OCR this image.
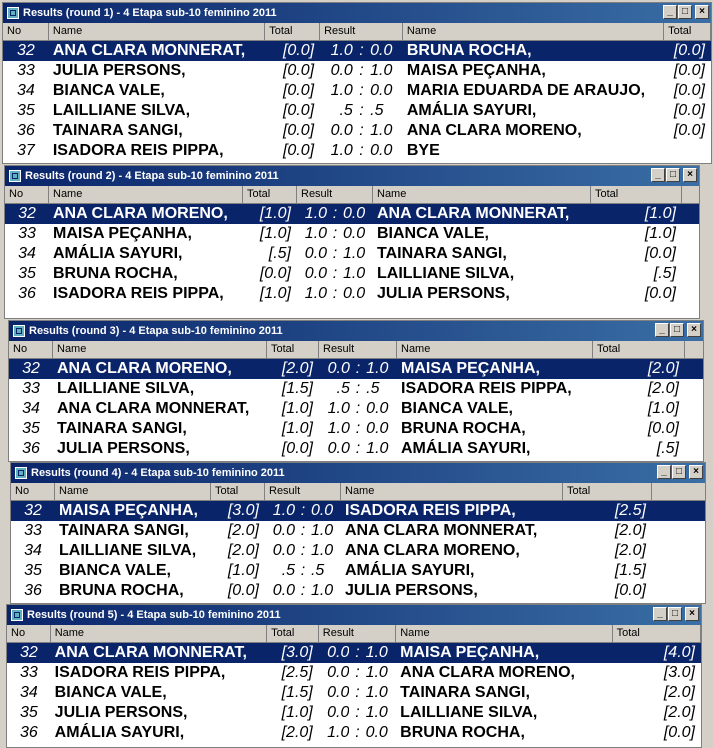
Results (round 1) - 4 Etapa sub-10 feminino 2011	_ □	×
No	Name	Total	Result	Name	Total
32	ANA CLARA MONNERAT,	[0.0]	1.0 : 0.0 BRUNA ROCHA,	[0.0]
33	JULIA PERSONS,	[0.0]	0.0 : 1.0 MAISA PEÇANHA,	[0.0]
34	BIANCA VALE,	[0.0]	1.0 : 0.0 MARIA EDUARDA DE ARAUJO,	[0.0]
35	LAILLIANE SILVA,	[0.0]	.5 : .5	AMÁLIA SAYURI,	[0.0]
36	TAINARA SANGI,	[0.0]	0.0 : 1.0 ANA CLARA MORENO,	[0.0]
37	ISADORA REIS PIPPA,	[0.0]	1.0 : 0.0 BYE
Results (round 2) - 4 Etapa sub-10 feminino 2011	_ □	×
No	Name	Total	Result	Name	Total
32	ANA CLARA MORENO,	[1.0] 1.0 : 0.0 ANA CLARA MONNERAT,	[1.0]
33	MAISA PEÇANHA,	[1.0] 1.0 : 0.0 BIANCA VALE,	[1.0]
34	AMÁLIA SAYURI,	[.5] 0.0 : 1.0 TAINARA SANGI,	[0.0]
35	BRUNA ROCHA,	[0.0] 0.0 : 1.0 LAILLIANE SILVA,	[.5]
36	ISADORA REIS PIPPA,	[1.0] 1.0 : 0.0 JULIA PERSONS,	[0.0]
Results (round 3) - 4 Etapa sub-10 feminino 2011	_ □	×
No	Name	Total	Result	Name	Total
32	ANA CLARA MORENO,	[2.0] 0.0 : 1.0 MAISA PEÇANHA,	[2.0]
33	LAILLIANE SILVA,	[1.5]	.5 : .5	ISADORA REIS PIPPA,	[2.0]
34	ANA CLARA MONNERAT,	[1.0] 1.0 : 0.0 BIANCA VALE,	[1.0]
35	TAINARA SANGI,	[1.0] 1.0 : 0.0 BRUNA ROCHA,	[0.0]
36	JULIA PERSONS,	[0.0] 0.0 : 1.0 AMÁLIA SAYURI,	[.5]
Results (round 4) - 4 Etapa sub-10 feminino 2011	_ □	×
No	Name	Total	Result	Name	Total
32	MAISA PEÇANHA,	[3.0] 1.0 : 0.0 ISADORA REIS PIPPA,	[2.5]
33	TAINARA SANGI,	[2.0] 0.0 : 1.0 ANA CLARA MONNERAT,	[2.0]
34	LAILLIANE SILVA,	[2.0] 0.0 : 1.0 ANA CLARA MORENO,	[2.0]
35	BIANCA VALE,	[1.0]	.5 : .5	AMÁLIA SAYURI,	[1.5]
36	BRUNA ROCHA,	[0.0] 0.0 : 1.0 JULIA PERSONS,	[0.0]
Results (round 5) - 4 Etapa sub-10 feminino 2011	_ □	×
No	Name	Total	Result	Name	Total
32	ANA CLARA MONNERAT,	[3.0] 0.0 : 1.0 MAISA PEÇANHA,	[4.0]
33	ISADORA REIS PIPPA,	[2.5] 0.0 : 1.0 ANA CLARA MORENO,	[3.0]
34	BIANCA VALE,	[1.5] 0.0 : 1.0 TAINARA SANGI,	[2.0]
35	JULIA PERSONS,	[1.0] 0.0 : 1.0 LAILLIANE SILVA,	[2.0]
36	AMÁLIA SAYURI,	[2.0] 1.0 : 0.0 BRUNA ROCHA,	[0.0]
